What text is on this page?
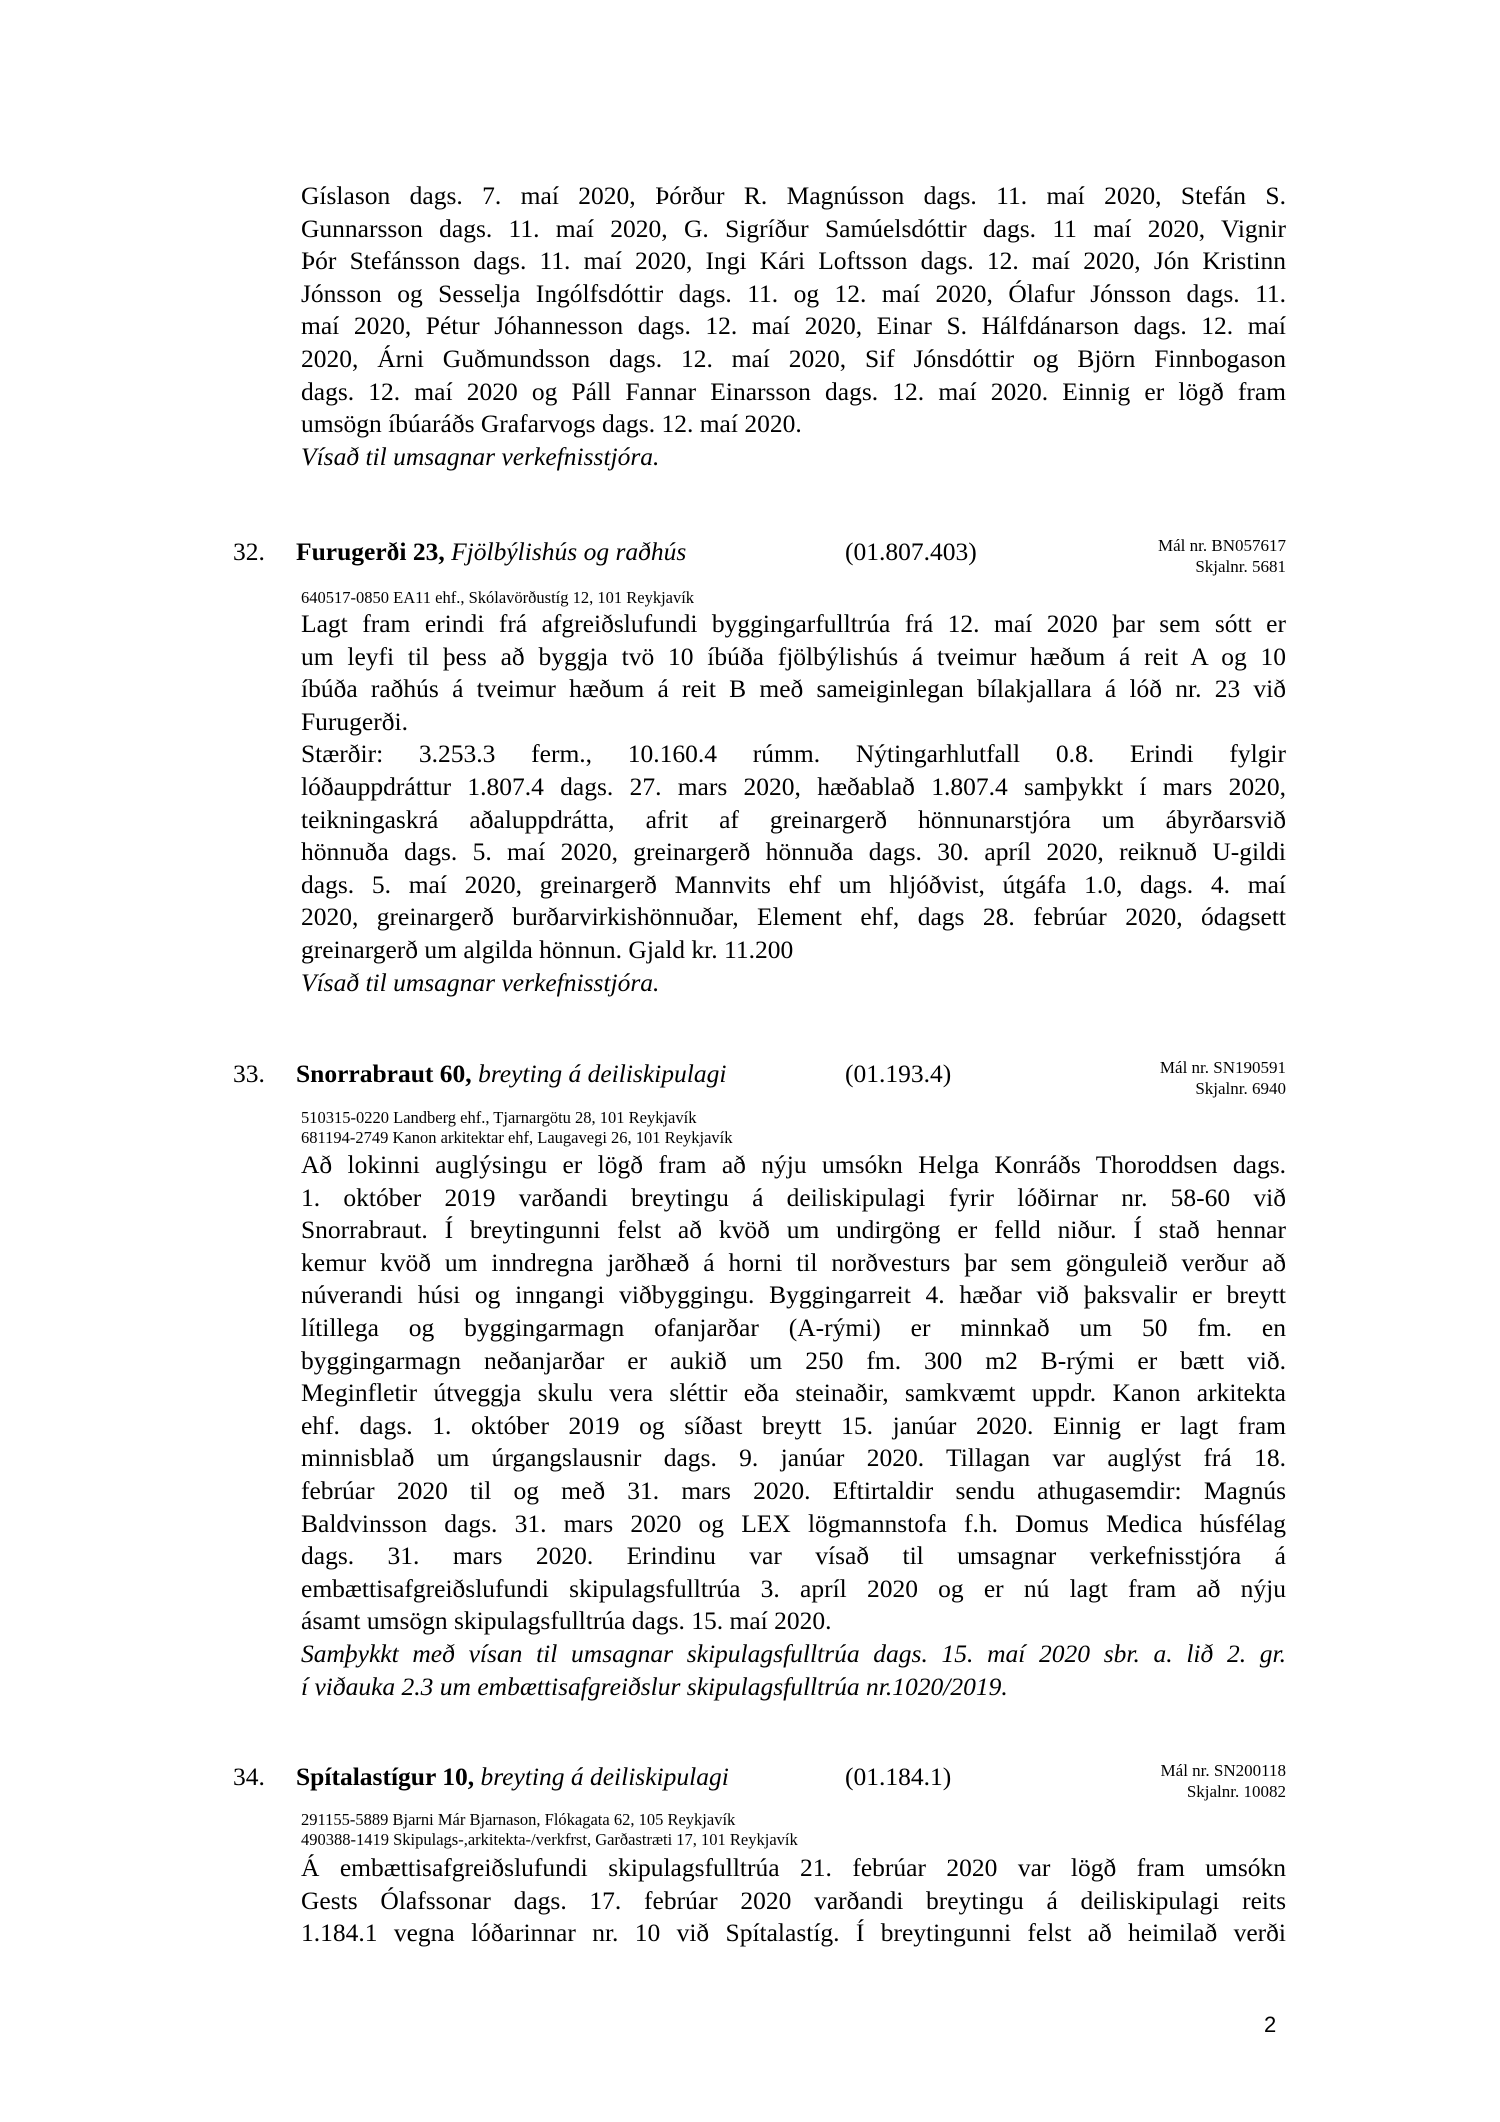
Gíslason dags. 7. maí 2020, Þórður R. Magnússon dags. 11. maí 2020, Stefán S.
Gunnarsson dags. 11. maí 2020, G. Sigríður Samúelsdóttir dags. 11 maí 2020, Vignir
Þór Stefánsson dags. 11. maí 2020, Ingi Kári Loftsson dags. 12. maí 2020, Jón Kristinn
Jónsson og Sesselja Ingólfsdóttir dags. 11. og 12. maí 2020, Ólafur Jónsson dags. 11.
maí 2020, Pétur Jóhannesson dags. 12. maí 2020, Einar S. Hálfdánarson dags. 12. maí
2020, Árni Guðmundsson dags. 12. maí 2020, Sif Jónsdóttir og Björn Finnbogason
dags. 12. maí 2020 og Páll Fannar Einarsson dags. 12. maí 2020. Einnig er lögð fram
umsögn íbúaráðs Grafarvogs dags. 12. maí 2020.
Vísað til umsagnar verkefnisstjóra.

32. Furugerði 23, Fjölbýlishús og raðhús	(01.807.403)	Mál nr. BN057617
Skjalnr. 5681
640517-0850 EA11 ehf., Skólavörðustíg 12, 101 Reykjavík

Lagt fram erindi frá afgreiðslufundi byggingarfulltrúa frá 12. maí 2020 þar sem sótt er
um leyfi til þess að byggja tvö 10 íbúða fjölbýlishús á tveimur hæðum á reit A og 10
íbúða raðhús á tveimur hæðum á reit B með sameiginlegan bílakjallara á lóð nr. 23 við
Furugerði.
Stærðir: 3.253.3 ferm., 10.160.4 rúmm. Nýtingarhlutfall 0.8. Erindi fylgir
lóðauppdráttur 1.807.4 dags. 27. mars 2020, hæðablað 1.807.4 samþykkt í mars 2020,
teikningaskrá aðaluppdrátta, afrit af greinargerð hönnunarstjóra um ábyrðarsvið
hönnuða dags. 5. maí 2020, greinargerð hönnuða dags. 30. apríl 2020, reiknuð U-gildi
dags. 5. maí 2020, greinargerð Mannvits ehf um hljóðvist, útgáfa 1.0, dags. 4. maí
2020, greinargerð burðarvirkishönnuðar, Element ehf, dags 28. febrúar 2020, ódagsett
greinargerð um algilda hönnun. Gjald kr. 11.200
Vísað til umsagnar verkefnisstjóra.

33. Snorrabraut 60, breyting á deiliskipulagi	(01.193.4)	Mál nr. SN190591
Skjalnr. 6940
510315-0220 Landberg ehf., Tjarnargötu 28, 101 Reykjavík
681194-2749 Kanon arkitektar ehf, Laugavegi 26, 101 Reykjavík

Að lokinni auglýsingu er lögð fram að nýju umsókn Helga Konráðs Thoroddsen dags.
1. október 2019 varðandi breytingu á deiliskipulagi fyrir lóðirnar nr. 58-60 við
Snorrabraut. Í breytingunni felst að kvöð um undirgöng er felld niður. Í stað hennar
kemur kvöð um inndregna jarðhæð á horni til norðvesturs þar sem gönguleið verður að
núverandi húsi og inngangi viðbyggingu. Byggingarreit 4. hæðar við þaksvalir er breytt
lítillega og byggingarmagn ofanjarðar (A-rými) er minnkað um 50 fm. en
byggingarmagn neðanjarðar er aukið um 250 fm. 300 m2 B-rými er bætt við.
Meginfletir útveggja skulu vera sléttir eða steinaðir, samkvæmt uppdr. Kanon arkitekta
ehf. dags. 1. október 2019 og síðast breytt 15. janúar 2020. Einnig er lagt fram
minnisblað um úrgangslausnir dags. 9. janúar 2020. Tillagan var auglýst frá 18.
febrúar 2020 til og með 31. mars 2020. Eftirtaldir sendu athugasemdir: Magnús
Baldvinsson dags. 31. mars 2020 og LEX lögmannstofa f.h. Domus Medica húsfélag
dags. 31. mars 2020. Erindinu var vísað til umsagnar verkefnisstjóra á
embættisafgreiðslufundi skipulagsfulltrúa 3. apríl 2020 og er nú lagt fram að nýju
ásamt umsögn skipulagsfulltrúa dags. 15. maí 2020.
Samþykkt með vísan til umsagnar skipulagsfulltrúa dags. 15. maí 2020 sbr. a. lið 2. gr.
í viðauka 2.3 um embættisafgreiðslur skipulagsfulltrúa nr.1020/2019.

34. Spítalastígur 10, breyting á deiliskipulagi	(01.184.1)	Mál nr. SN200118
Skjalnr. 10082
291155-5889 Bjarni Már Bjarnason, Flókagata 62, 105 Reykjavík
490388-1419 Skipulags-,arkitekta-/verkfrst, Garðastræti 17, 101 Reykjavík

Á embættisafgreiðslufundi skipulagsfulltrúa 21. febrúar 2020 var lögð fram umsókn
Gests Ólafssonar dags. 17. febrúar 2020 varðandi breytingu á deiliskipulagi reits
1.184.1 vegna lóðarinnar nr. 10 við Spítalastíg. Í breytingunni felst að heimilað verði

2
